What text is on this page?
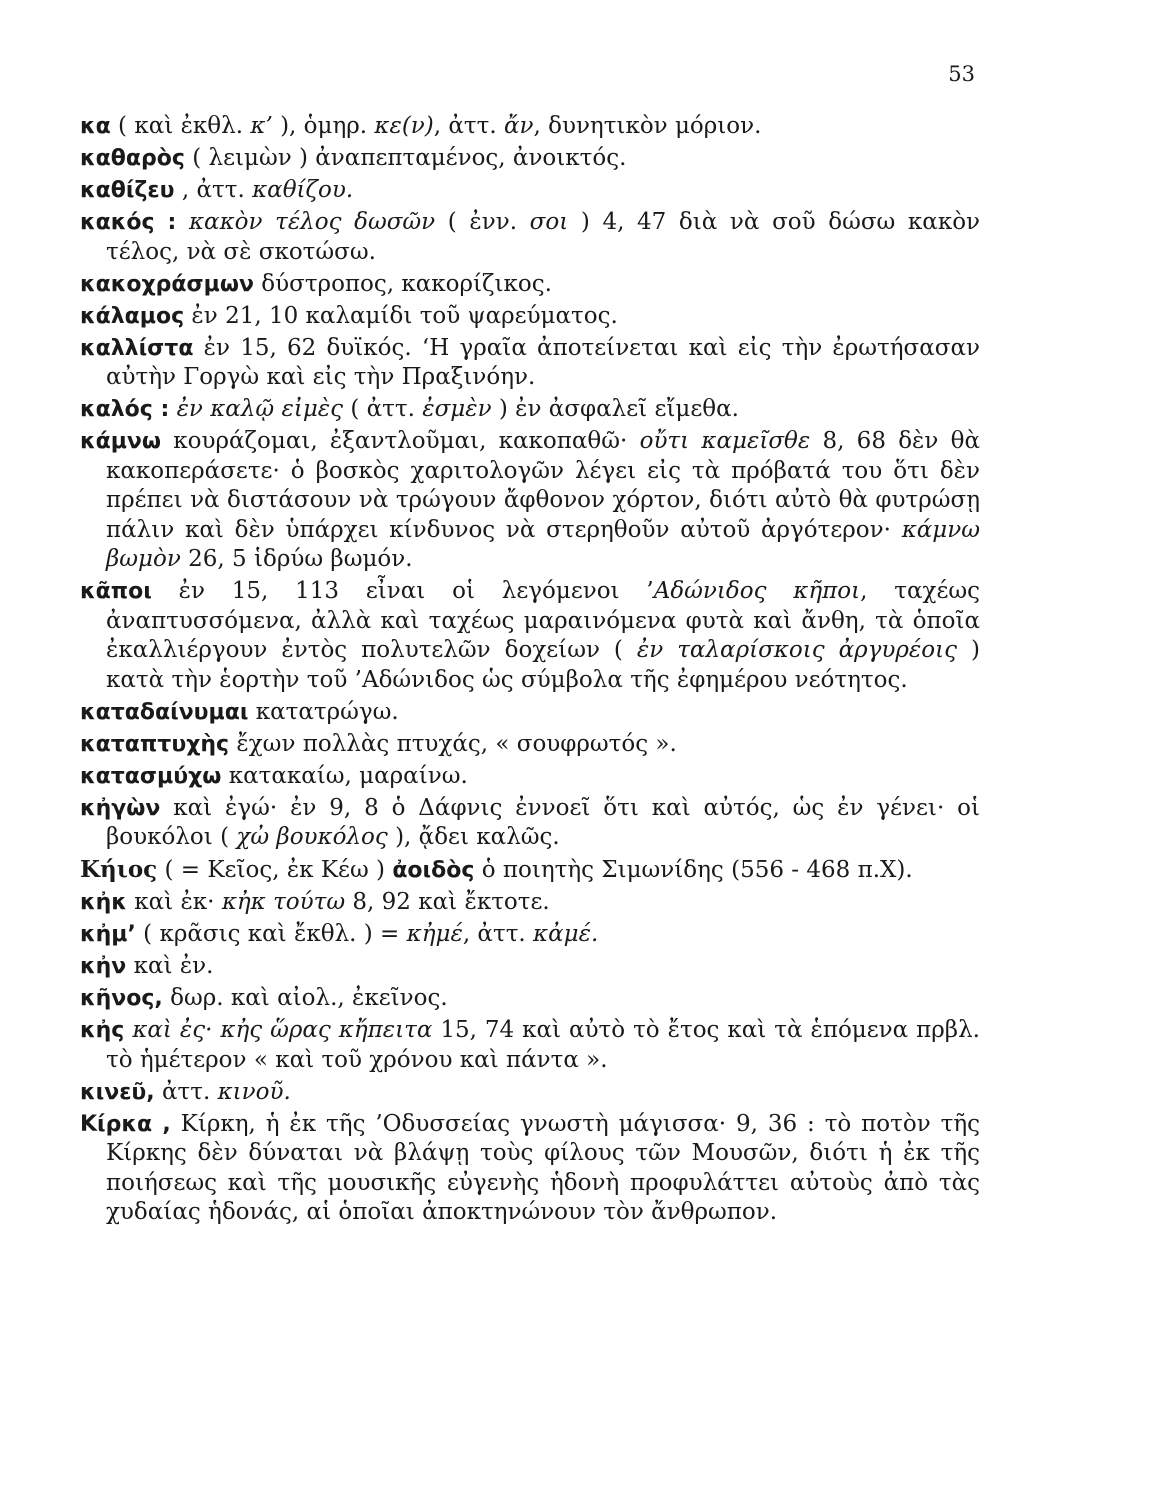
53
κα ( καὶ ἐκθλ. κ’ ), ὁμηρ. κε(ν), ἀττ. ἄν, δυνητικὸν μόριον.
καθαρὸς ( λειμὼν ) ἀναπεπταμένος, ἀνοικτός.
καθίζευ , ἀττ. καθίζου.
κακός : κακὸν τέλος δωσῶν ( ἐνν. σοι ) 4, 47 διὰ νὰ σοῦ δώσω κακὸν τέλος, νὰ σὲ σκοτώσω.
κακοχράσμων δύστροπος, κακορίζικος.
κάλαμος ἐν 21, 10 καλαμίδι τοῦ ψαρεύματος.
καλλίστα ἐν 15, 62 δυϊκός. ‘Η γραῖα ἀποτείνεται καὶ εἰς τὴν ἐρωτήσασαν αὐτὴν Γοργὼ καὶ εἰς τὴν Πραξινόην.
καλός : ἐν καλῷ εἰμὲς ( ἀττ. ἐσμὲν ) ἐν ἀσφαλεῖ εἴμεθα.
κάμνω κουράζομαι, ἐξαντλοῦμαι, κακοπαθῶ· οὔτι καμεῖσθε 8, 68 δὲν θὰ κακοπεράσετε· ὁ βοσκὸς χαριτολογῶν λέγει εἰς τὰ πρόβατά του ὅτι δὲν πρέπει νὰ διστάσουν νὰ τρώγουν ἄφθονον χόρτον, διότι αὐτὸ θὰ φυτρώσῃ πάλιν καὶ δὲν ὑπάρχει κίνδυνος νὰ στερηθοῦν αὐτοῦ ἀργότερον· κάμνω βωμὸν 26, 5 ἱδρύω βωμόν.
κᾶποι ἐν 15, 113 εἶναι οἱ λεγόμενοι ’Αδώνιδος κῆποι, ταχέως ἀναπτυσσόμενα, ἀλλὰ καὶ ταχέως μαραινόμενα φυτὰ καὶ ἄνθη, τὰ ὁποῖα ἐκαλλιέργουν ἐντὸς πολυτελῶν δοχείων ( ἐν ταλαρίσκοις ἀργυρέοις ) κατὰ τὴν ἑορτὴν τοῦ ’Αδώνιδος ὡς σύμβολα τῆς ἐφημέρου νεότητος.
καταδαίνυμαι κατατρώγω.
καταπτυχὴς ἔχων πολλὰς πτυχάς, « σουφρωτός ».
κατασμύχω κατακαίω, μαραίνω.
κἠγὼν καὶ ἐγώ· ἐν 9, 8 ὁ Δάφνις ἐννοεῖ ὅτι καὶ αὐτός, ὡς ἐν γένει· οἱ βουκόλοι ( χὠ βουκόλος ), ᾄδει καλῶς.
Κήιος ( = Κεῖος, ἐκ Κέω ) ἀοιδὸς ὁ ποιητὴς Σιμωνίδης (556 - 468 π.Χ).
κἠκ καὶ ἐκ· κἠκ τούτω 8, 92 καὶ ἔκτοτε.
κἠμ’ ( κρᾶσις καὶ ἔκθλ. ) = κἠμέ, ἀττ. κἀμέ.
κἠν καὶ ἐν.
κῆνος, δωρ. καὶ αἰολ., ἐκεῖνος.
κἠς καὶ ἐς· κἠς ὥρας κἤπειτα 15, 74 καὶ αὐτὸ τὸ ἔτος καὶ τὰ ἑπόμενα πρβλ. τὸ ἡμέτερον « καὶ τοῦ χρόνου καὶ πάντα ».
κινεῦ, ἀττ. κινοῦ.
Κίρκα , Κίρκη, ἡ ἐκ τῆς ’Οδυσσείας γνωστὴ μάγισσα· 9, 36 : τὸ ποτὸν τῆς Κίρκης δὲν δύναται νὰ βλάψῃ τοὺς φίλους τῶν Μουσῶν, διότι ἡ ἐκ τῆς ποιήσεως καὶ τῆς μουσικῆς εὐγενὴς ἡδονὴ προφυλάττει αὐτοὺς ἀπὸ τὰς χυδαίας ἡδονάς, αἱ ὁποῖαι ἀποκτηνώνουν τὸν ἄνθρωπον.
